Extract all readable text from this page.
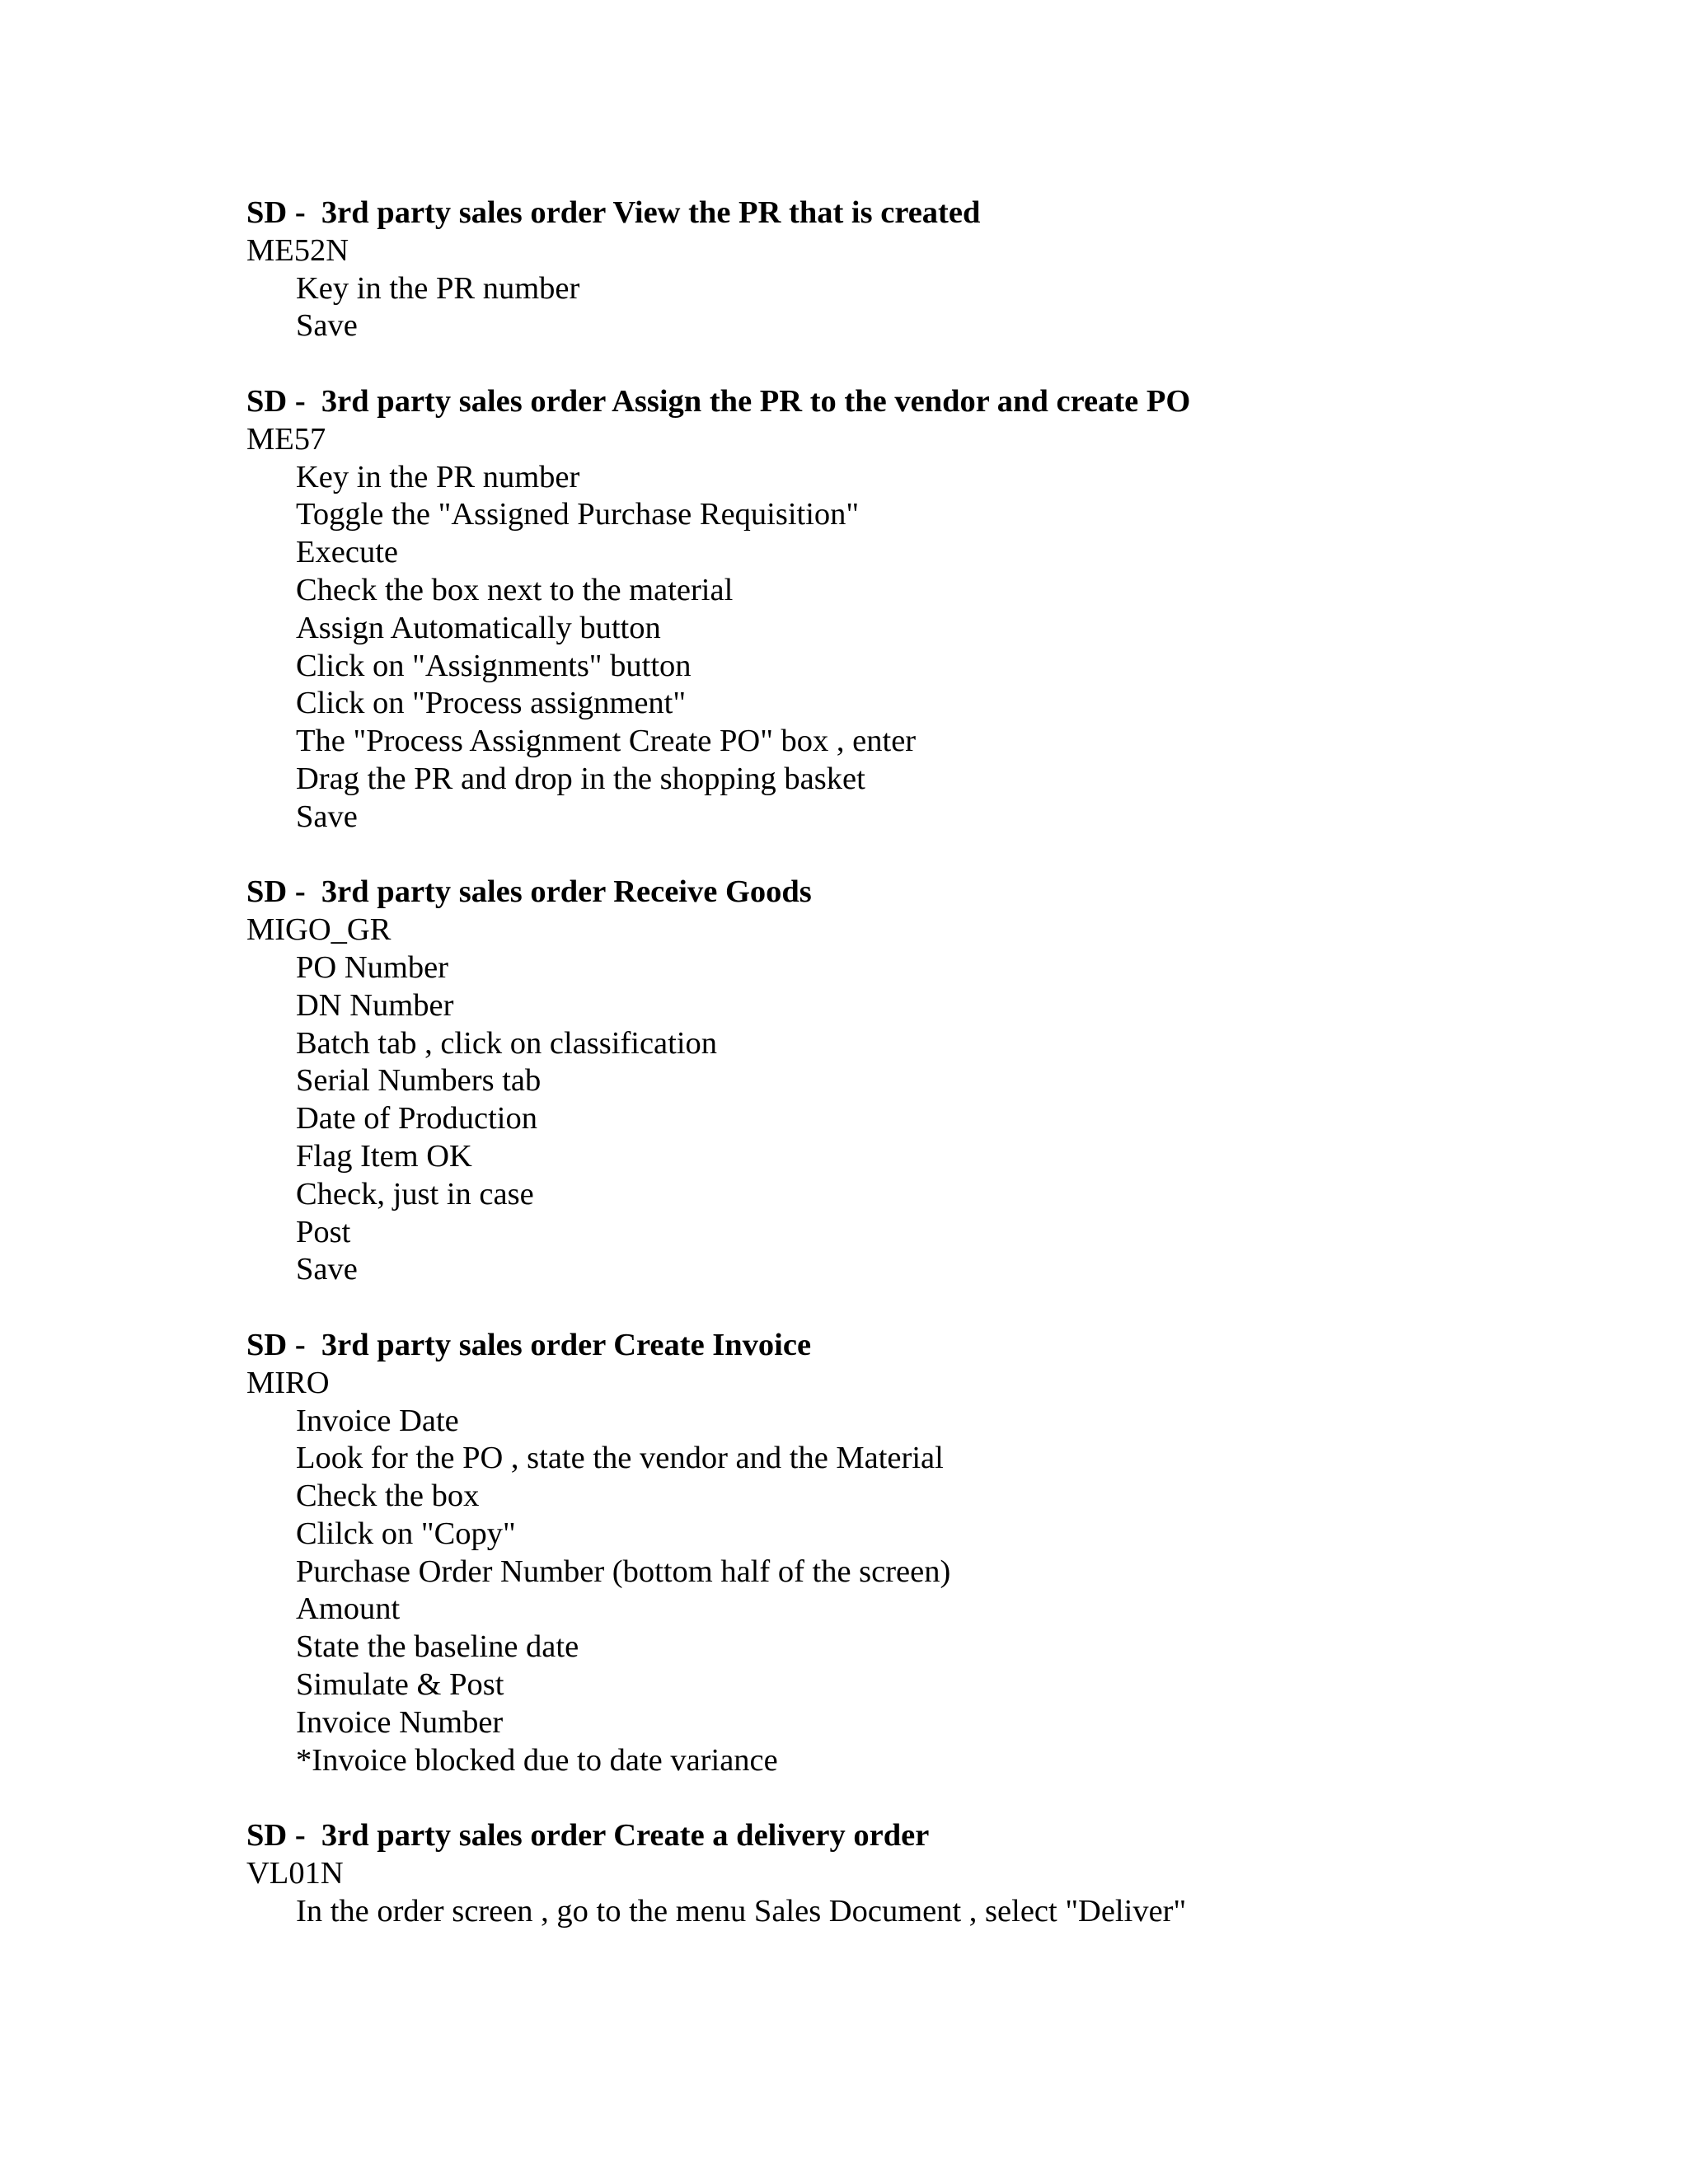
SD -  3rd party sales order View the PR that is created
ME52N
Key in the PR number
Save
SD -  3rd party sales order Assign the PR to the vendor and create PO
ME57
Key in the PR number
Toggle the "Assigned Purchase Requisition"
Execute
Check the box next to the material
Assign Automatically button
Click on "Assignments" button
Click on "Process assignment"
The "Process Assignment Create PO" box , enter
Drag the PR and drop in the shopping basket
Save
SD -  3rd party sales order Receive Goods
MIGO_GR
PO Number
DN Number
Batch tab , click on classification
Serial Numbers tab
Date of Production
Flag Item OK
Check, just in case
Post
Save
SD -  3rd party sales order Create Invoice
MIRO
Invoice Date
Look for the PO , state the vendor and the Material
Check the box
Clilck on "Copy"
Purchase Order Number (bottom half of the screen)
Amount
State the baseline date
Simulate & Post
Invoice Number
*Invoice blocked due to date variance
SD -  3rd party sales order Create a delivery order
VL01N
In the order screen , go to the menu Sales Document , select "Deliver"
